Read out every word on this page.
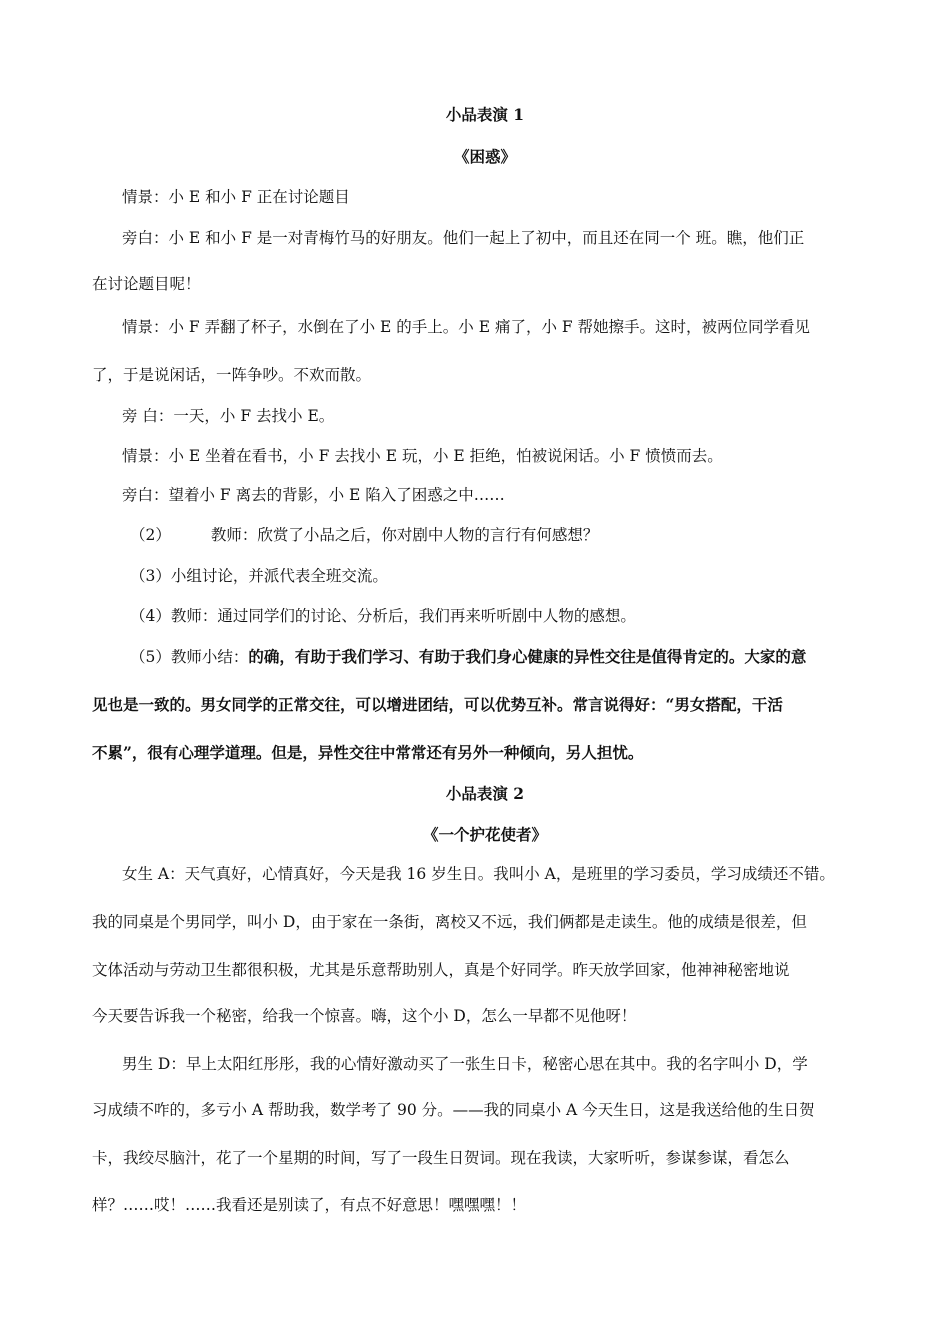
小品表演 1
《困惑》
情景：小 E 和小 F 正在讨论题目
旁白：小 E 和小 F 是一对青梅竹马的好朋友。他们一起上了初中，而且还在同一个 班。瞧，他们正
在讨论题目呢！
情景：小 F 弄翻了杯子，水倒在了小 E 的手上。小 E 痛了，小 F 帮她擦手。这时，被两位同学看见
了，于是说闲话，一阵争吵。不欢而散。
旁 白：一天，小 F 去找小 E。
情景：小 E 坐着在看书，小 F 去找小 E 玩，小 E 拒绝，怕被说闲话。小 F 愤愤而去。
旁白：望着小 F 离去的背影，小 E 陷入了困惑之中……
（2）	教师：欣赏了小品之后，你对剧中人物的言行有何感想？
（3）小组讨论，并派代表全班交流。
（4）教师：通过同学们的讨论、分析后，我们再来听听剧中人物的感想。
（5）教师小结：的确，有助于我们学习、有助于我们身心健康的异性交往是值得肯定的。大家的意
见也是一致的。男女同学的正常交往，可以增进团结，可以优势互补。常言说得好：“男女搭配，干活
不累”，很有心理学道理。但是，异性交往中常常还有另外一种倾向，另人担忧。
小品表演 2
《一个护花使者》
女生 A：天气真好，心情真好，今天是我 16 岁生日。我叫小 A，是班里的学习委员，学习成绩还不错。
我的同桌是个男同学，叫小 D，由于家在一条街，离校又不远，我们俩都是走读生。他的成绩是很差，但
文体活动与劳动卫生都很积极，尤其是乐意帮助别人，真是个好同学。昨天放学回家，他神神秘密地说
今天要告诉我一个秘密，给我一个惊喜。嗨，这个小 D，怎么一早都不见他呀！
男生 D：早上太阳红彤彤，我的心情好激动买了一张生日卡，秘密心思在其中。我的名字叫小 D，学
习成绩不咋的，多亏小 A 帮助我，数学考了 90 分。——我的同桌小 A 今天生日，这是我送给他的生日贺
卡，我绞尽脑汁，花了一个星期的时间，写了一段生日贺词。现在我读，大家听听，参谋参谋，看怎么
样？……哎！……我看还是别读了，有点不好意思！嘿嘿嘿！！
